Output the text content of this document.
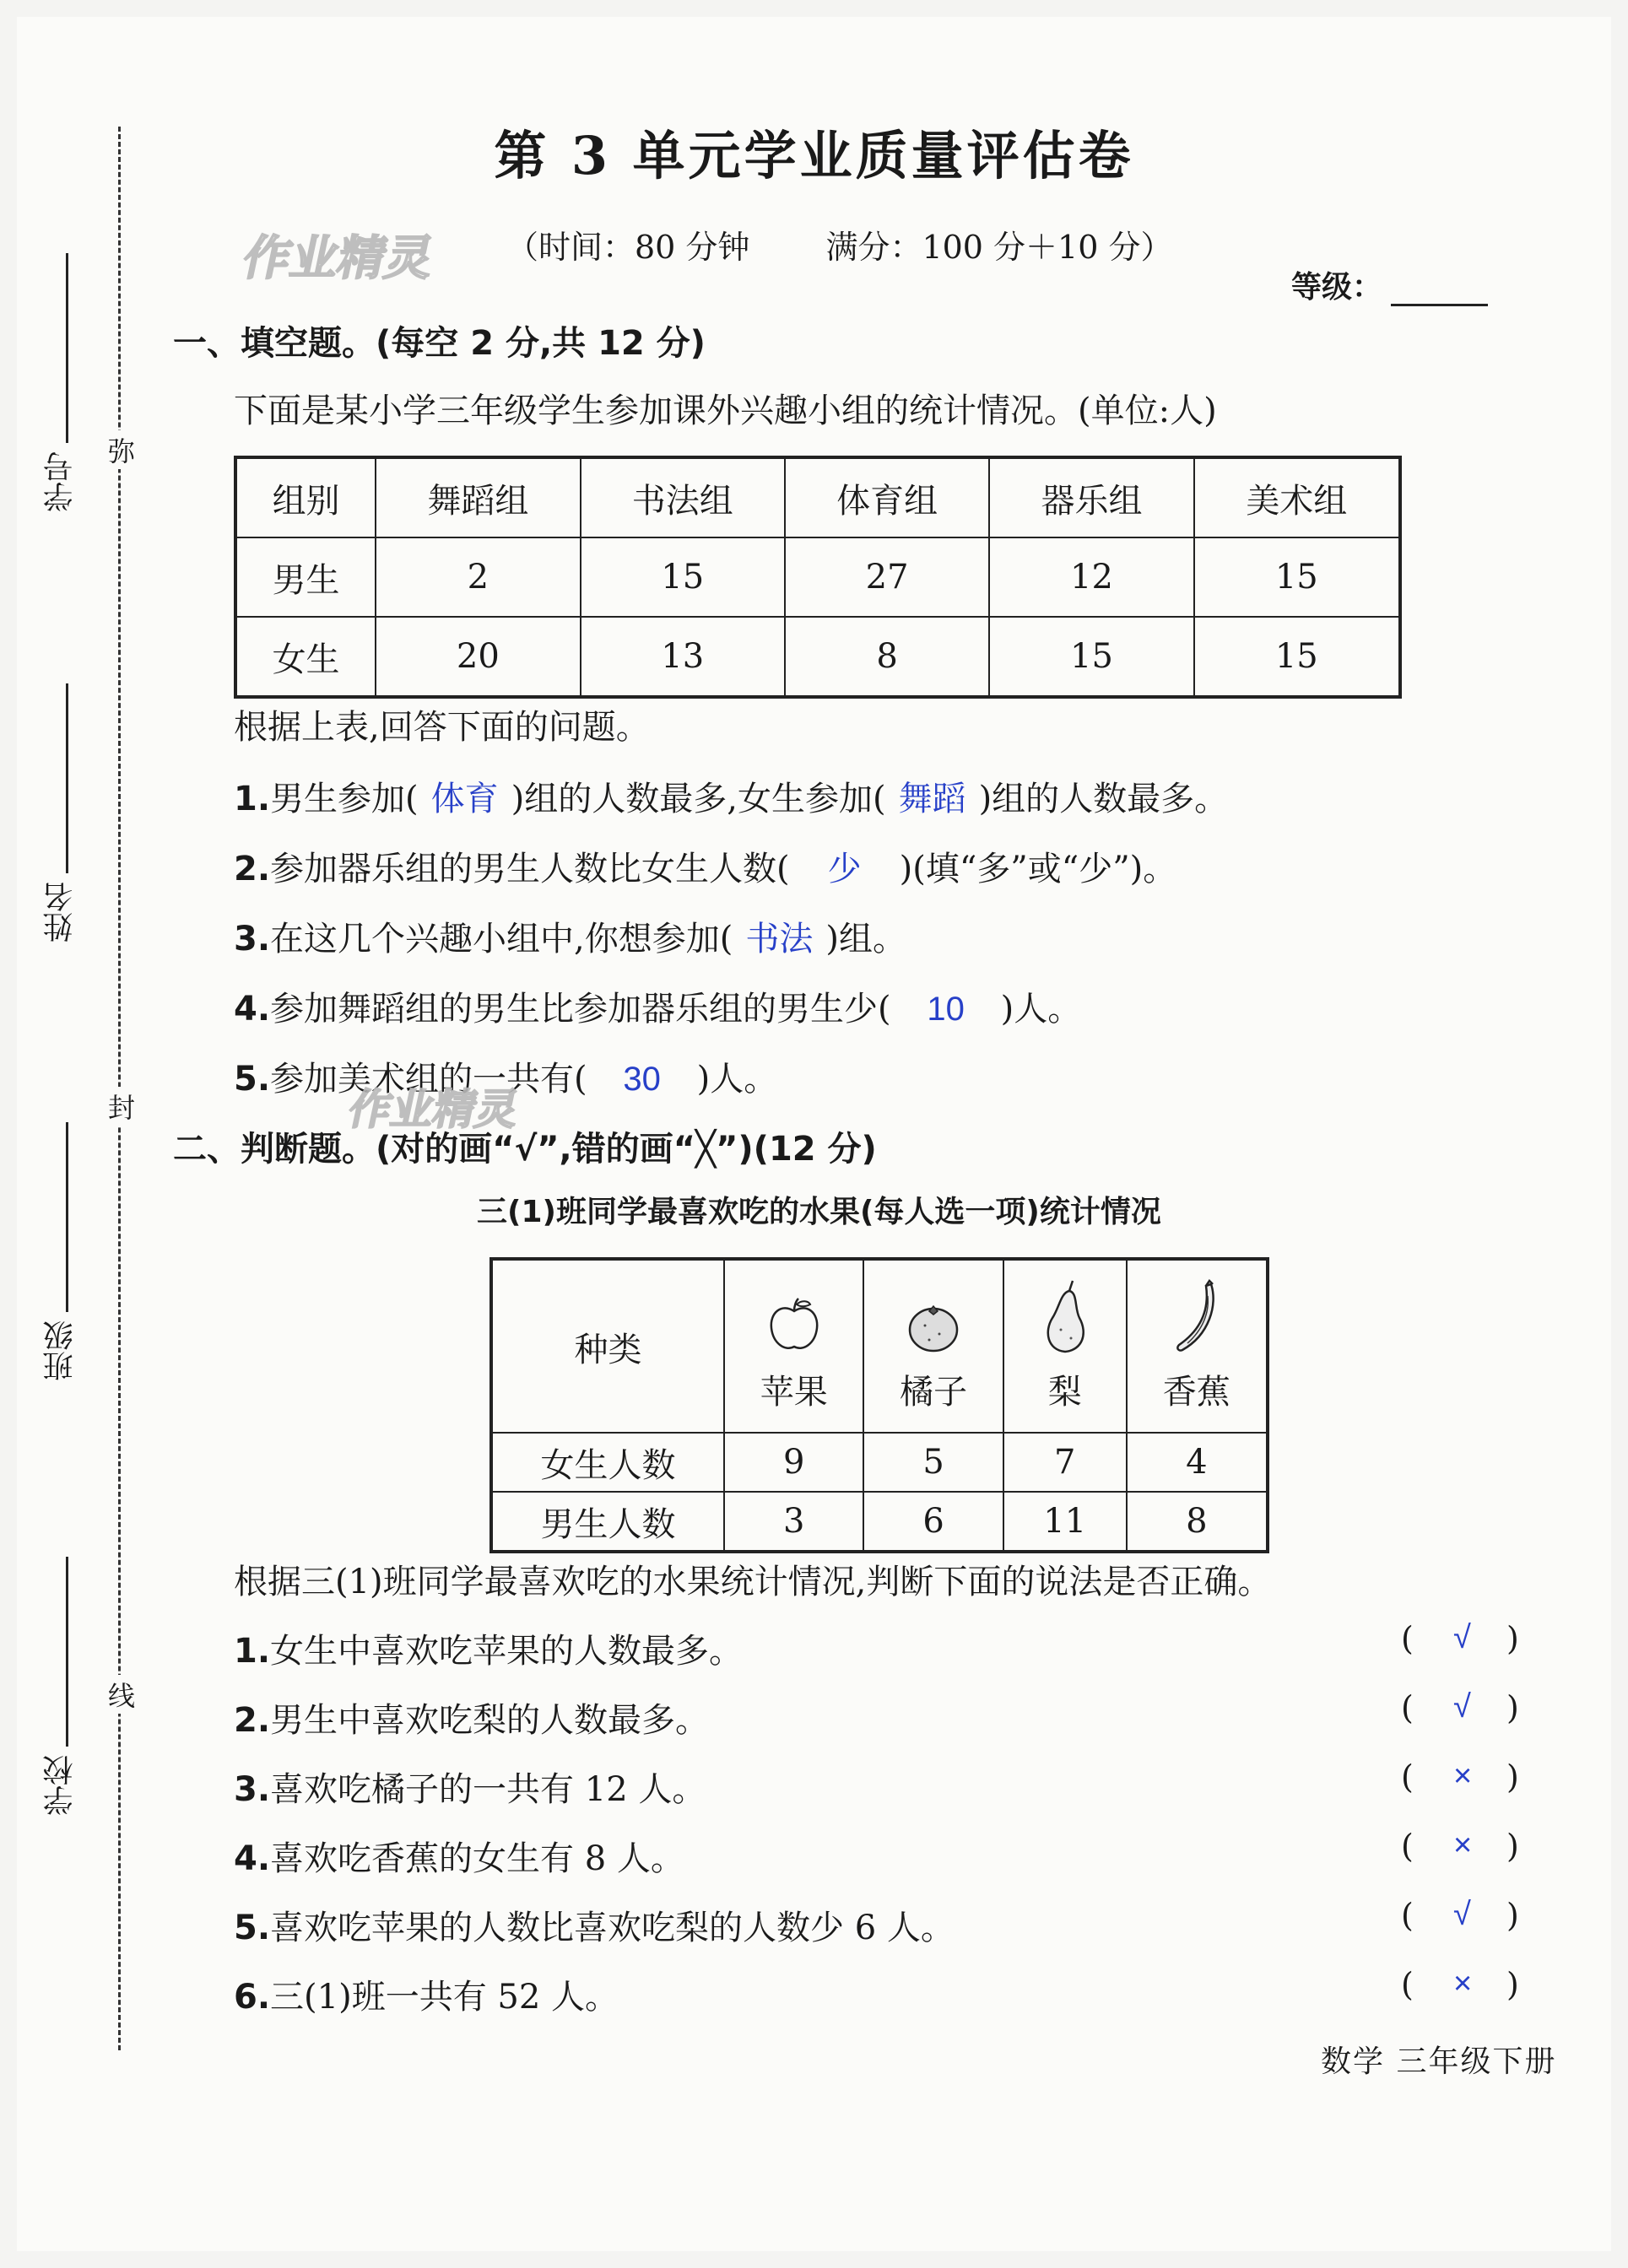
学号
姓名
班级
学校
弥
封
线
第 3 单元学业质量评估卷
（时间：80 分钟 满分：100 分＋10 分）
作业精灵
等级：
一、填空题。(每空 2 分,共 12 分)
下面是某小学三年级学生参加课外兴趣小组的统计情况。(单位:人)
组别	舞蹈组	书法组	体育组	器乐组	美术组
男生	2	15	27	12	15
女生	20	13	8	15	15
根据上表,回答下面的问题。
1.男生参加( 体育 )组的人数最多,女生参加( 舞蹈 )组的人数最多。
2.参加器乐组的男生人数比女生人数( 少 )(填“多”或“少”)。
3.在这几个兴趣小组中,你想参加( 书法 )组。
4.参加舞蹈组的男生比参加器乐组的男生少( 10 )人。
5.参加美术组的一共有( 30 )人。
作业精灵
二、判断题。(对的画“√”,错的画“╳”)(12 分)
三(1)班同学最喜欢吃的水果(每人选一项)统计情况
种类	苹果	橘子	梨	香蕉
女生人数	9	5	7	4
男生人数	3	6	11	8
根据三(1)班同学最喜欢吃的水果统计情况,判断下面的说法是否正确。
1.女生中喜欢吃苹果的人数最多。	( √ )
2.男生中喜欢吃梨的人数最多。	( √ )
3.喜欢吃橘子的一共有 12 人。	( × )
4.喜欢吃香蕉的女生有 8 人。	( × )
5.喜欢吃苹果的人数比喜欢吃梨的人数少 6 人。	( √ )
6.三(1)班一共有 52 人。	( × )
数学 三年级下册
